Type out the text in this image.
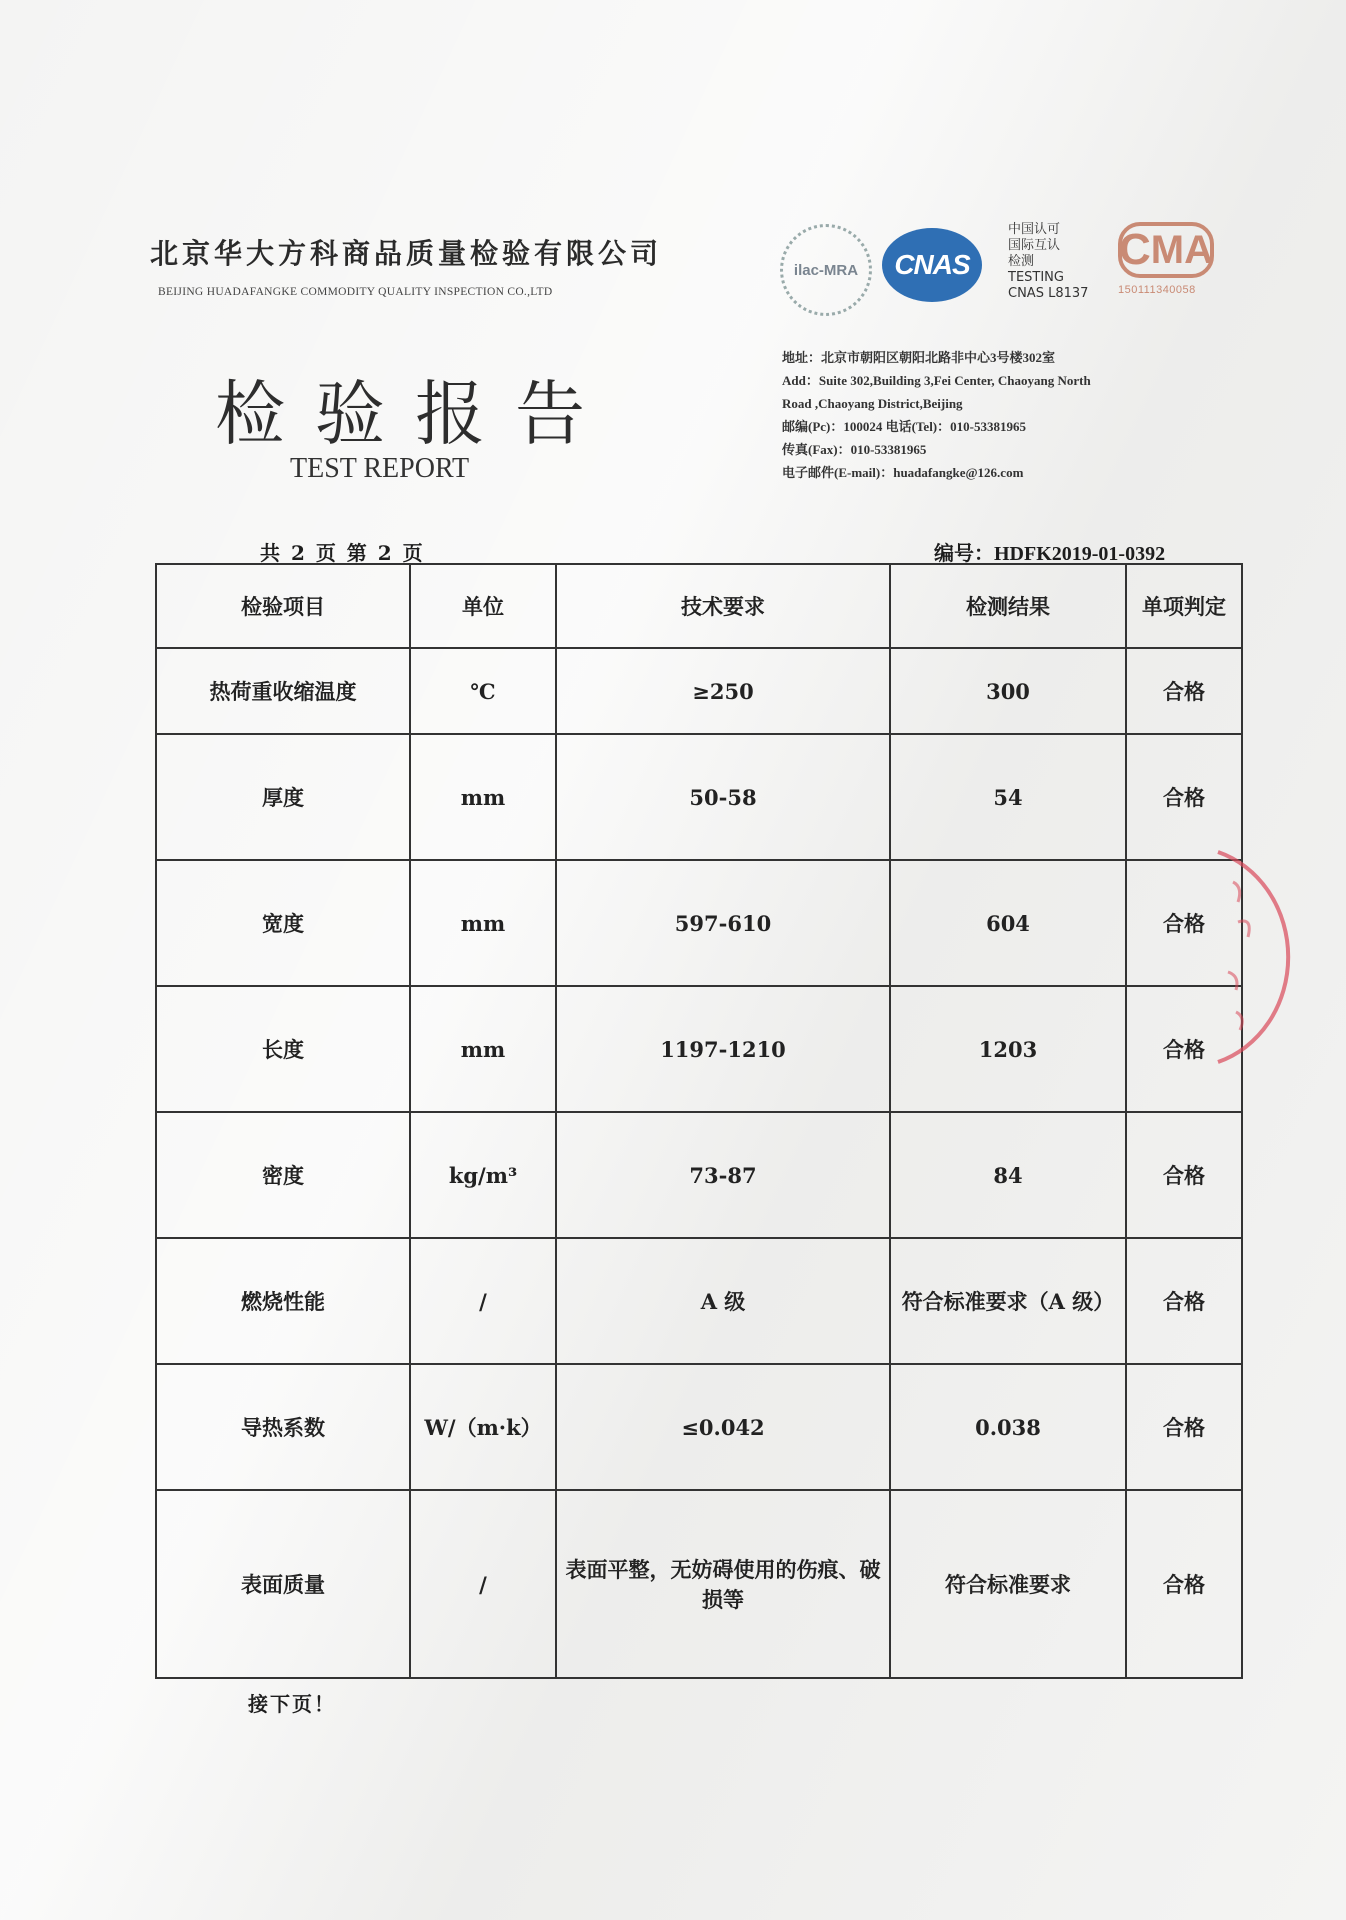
北京华大方科商品质量检验有限公司
BEIJING HUADAFANGKE COMMODITY QUALITY INSPECTION CO.,LTD
ilac-MRA	CNAS
中国认可
国际互认
检测
TESTING
CNAS L8137
C MA
150111340058
检验报告
TEST REPORT
地址：北京市朝阳区朝阳北路非中心3号楼302室
Add：Suite 302,Building 3,Fei Center, Chaoyang North
Road ,Chaoyang District,Beijing
邮编(Pc)：100024 电话(Tel)：010-53381965
传真(Fax)：010-53381965
电子邮件(E-mail)：huadafangke@126.com
共 2 页 第 2 页	编号：HDFK2019-01-0392
检验项目	单位	技术要求	检测结果	单项判定
热荷重收缩温度	℃	≥250	300	合格
厚度	mm	50-58	54	合格
宽度	mm	597-610	604	合格
长度	mm	1197-1210	1203	合格
密度	kg/m³	73-87	84	合格
燃烧性能	/	A 级	符合标准要求（A 级）	合格
导热系数	W/（m·k）	≤0.042	0.038	合格
表面质量	/	表面平整，无妨碍使用的伤痕、破损等	符合标准要求	合格
接下页！
